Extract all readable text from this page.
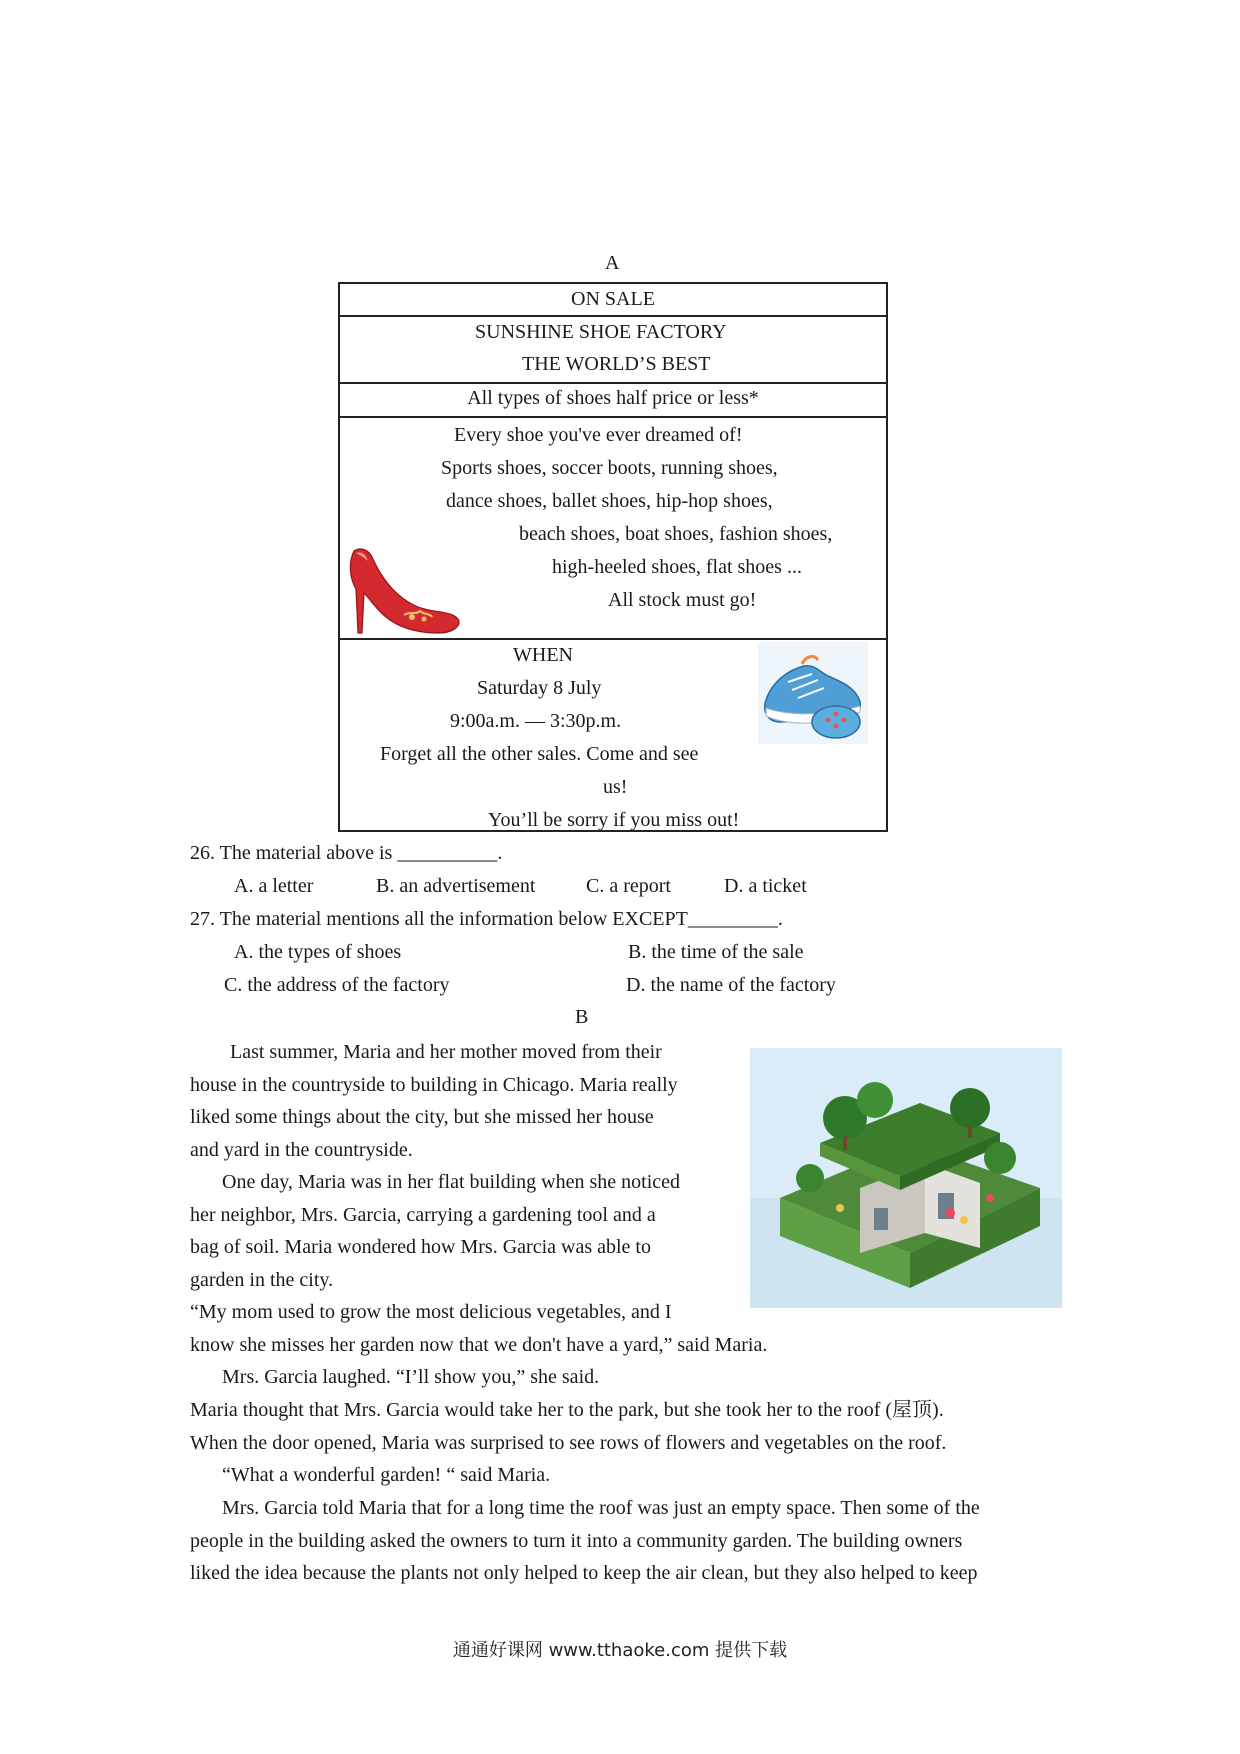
A
ON SALE
SUNSHINE SHOE FACTORY
THE WORLD’S BEST
All types of shoes half price or less*
Every shoe you've ever dreamed of!
Sports shoes, soccer boots, running shoes,
dance shoes, ballet shoes, hip-hop shoes,
beach shoes, boat shoes, fashion shoes,
high-heeled shoes, flat shoes ...
All stock must go!
WHEN
Saturday 8 July
9:00a.m. — 3:30p.m.
Forget all the other sales. Come and see
us!
You’ll be sorry if you miss out!
26. The material above is __________.
A. a letter	B. an advertisement	C. a report	D. a ticket
27. The material mentions all the information below EXCEPT_________.
A. the types of shoes	B. the time of the sale
C. the address of the factory	D. the name of the factory
B
Last summer, Maria and her mother moved from their
house in the countryside to building in Chicago. Maria really
liked some things about the city, but she missed her house
and yard in the countryside.
One day, Maria was in her flat building when she noticed
her neighbor, Mrs. Garcia, carrying a gardening tool and a
bag of soil. Maria wondered how Mrs. Garcia was able to
garden in the city.
“My mom used to grow the most delicious vegetables, and I
know she misses her garden now that we don't have a yard,” said Maria.
Mrs. Garcia laughed. “I’ll show you,” she said.
Maria thought that Mrs. Garcia would take her to the park, but she took her to the roof (屋顶).
When the door opened, Maria was surprised to see rows of flowers and vegetables on the roof.
“What a wonderful garden! “ said Maria.
Mrs. Garcia told Maria that for a long time the roof was just an empty space. Then some of the
people in the building asked the owners to turn it into a community garden. The building owners
liked the idea because the plants not only helped to keep the air clean, but they also helped to keep
通通好课网 www.tthaoke.com 提供下载
